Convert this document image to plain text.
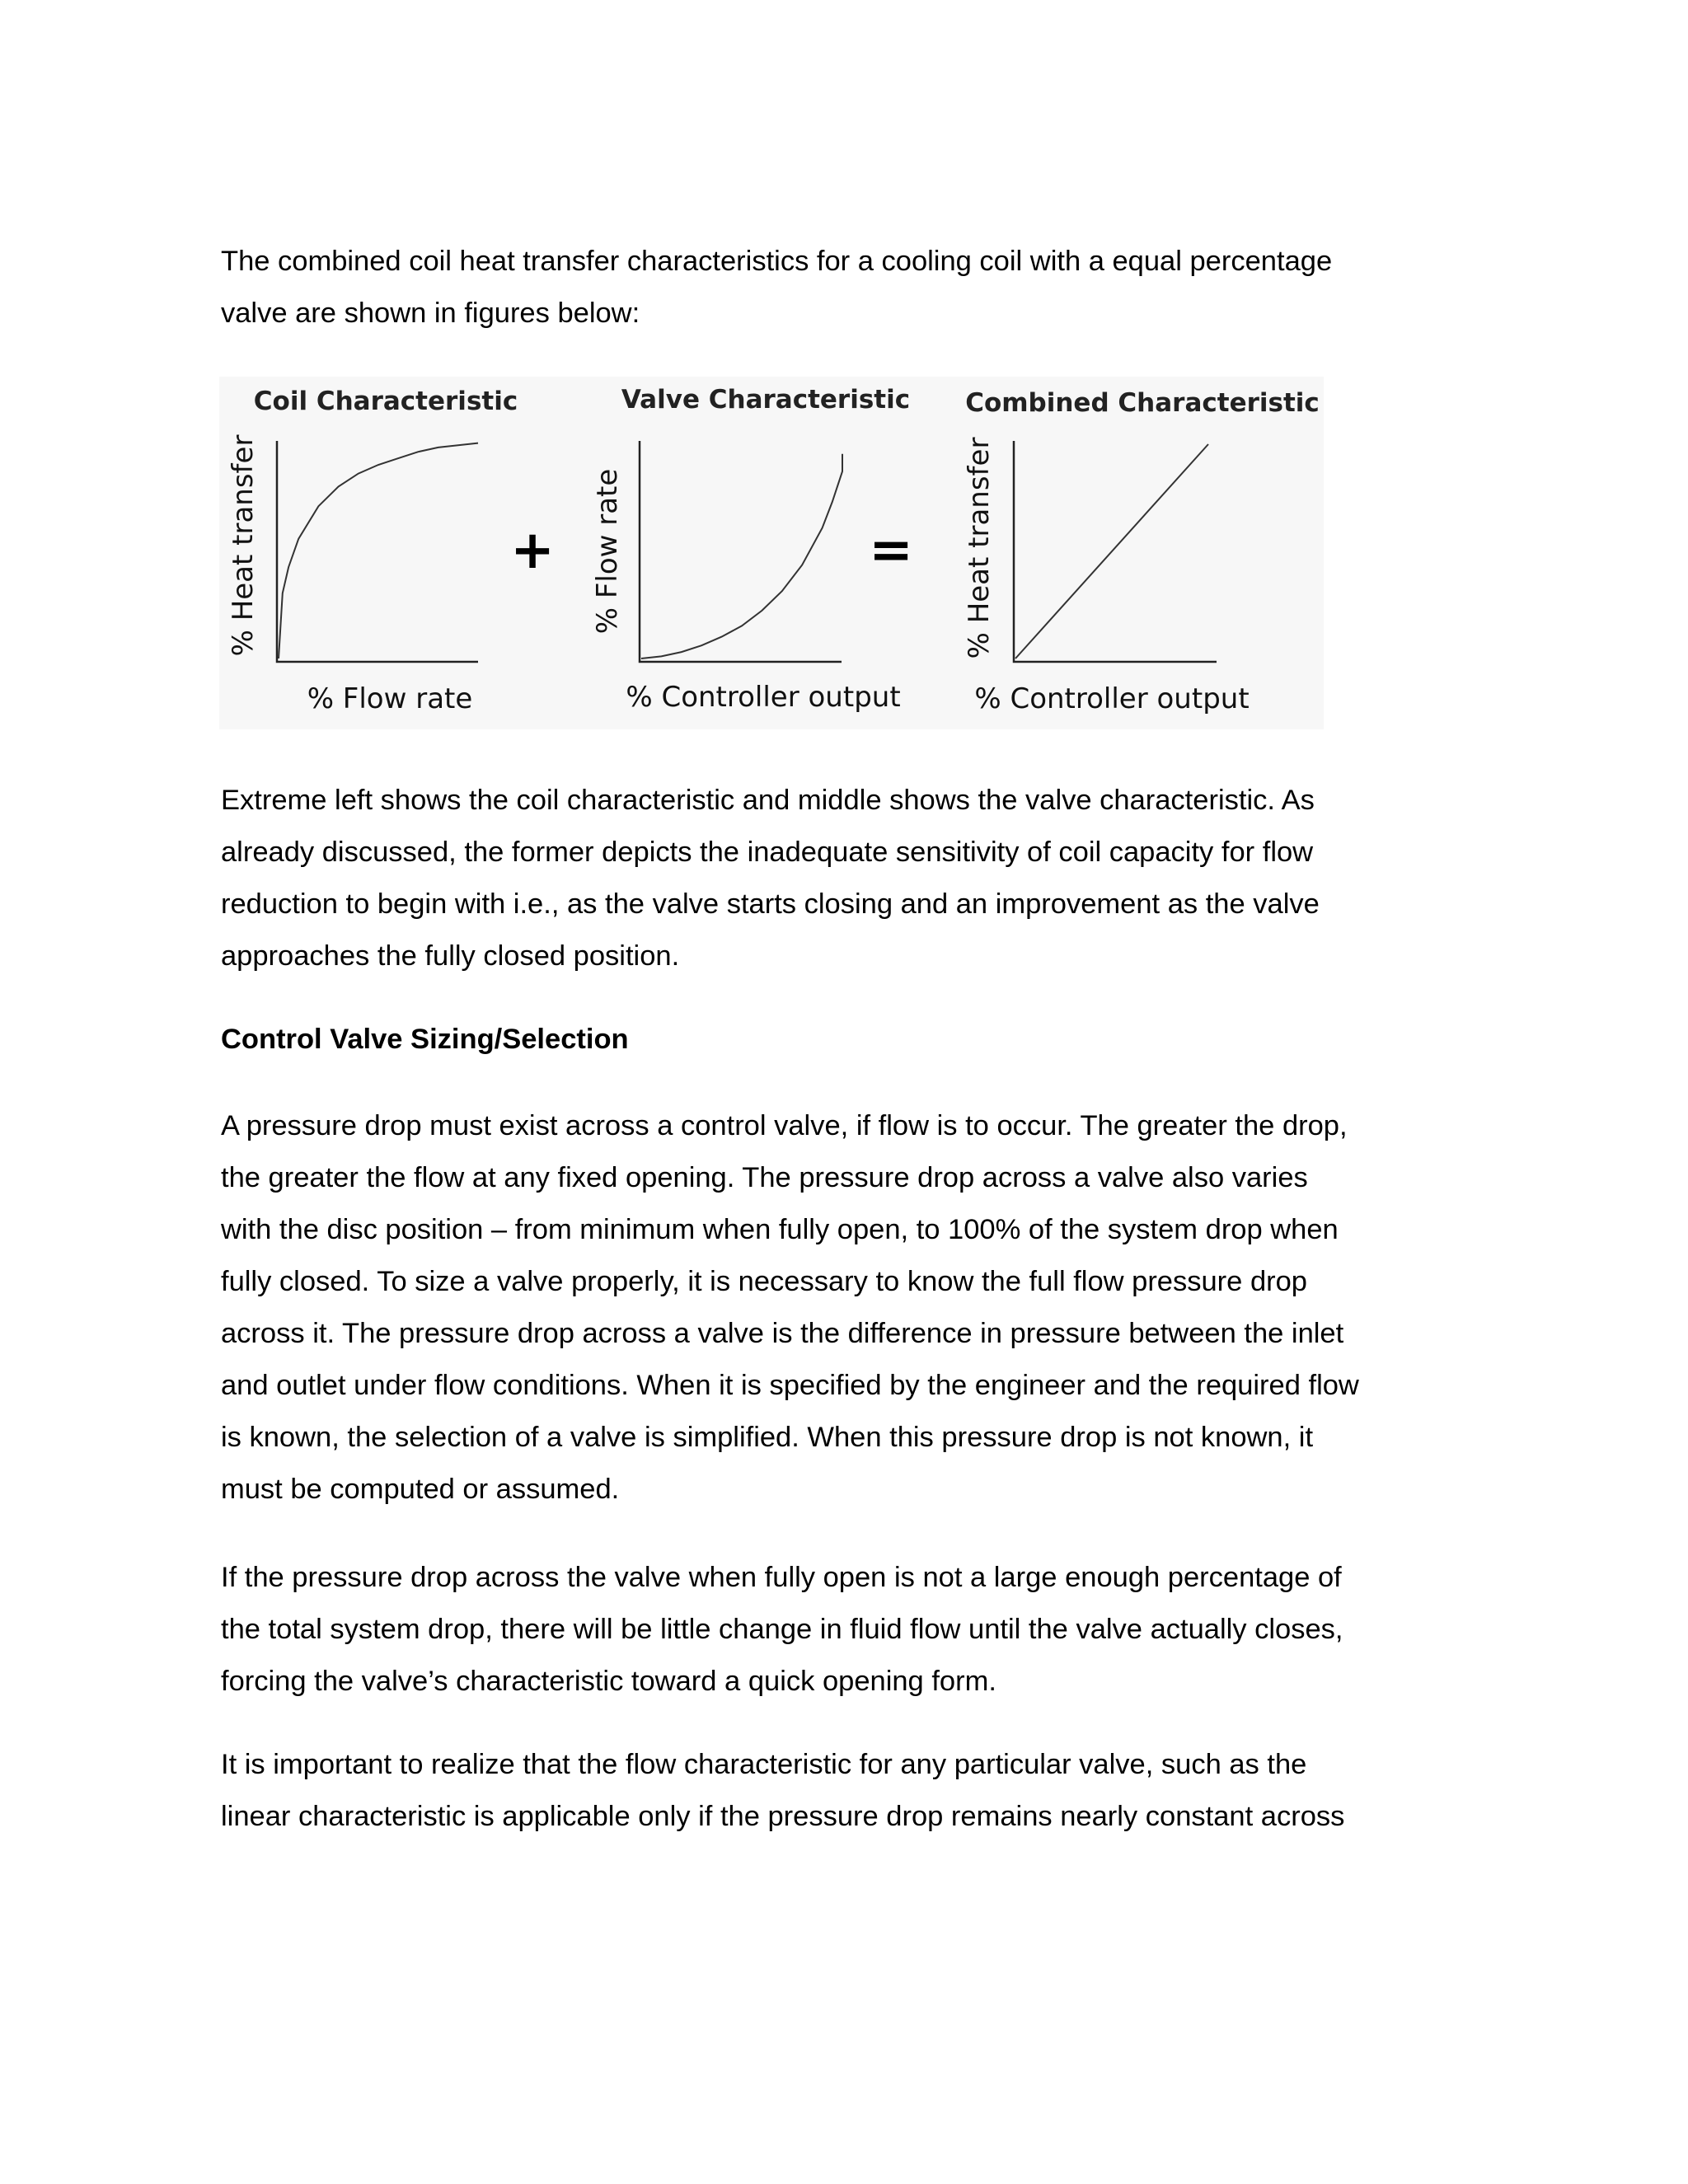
The combined coil heat transfer characteristics for a cooling coil with a equal percentage
valve are shown in figures below:

Coil Characteristic
% Heat transfer
% Flow rate
+
Valve Characteristic
% Flow rate
% Controller output
=
Combined Characteristic
% Heat transfer
% Controller output

Extreme left shows the coil characteristic and middle shows the valve characteristic. As
already discussed, the former depicts the inadequate sensitivity of coil capacity for flow
reduction to begin with i.e., as the valve starts closing and an improvement as the valve
approaches the fully closed position.

Control Valve Sizing/Selection

A pressure drop must exist across a control valve, if flow is to occur. The greater the drop,
the greater the flow at any fixed opening. The pressure drop across a valve also varies
with the disc position – from minimum when fully open, to 100% of the system drop when
fully closed. To size a valve properly, it is necessary to know the full flow pressure drop
across it. The pressure drop across a valve is the difference in pressure between the inlet
and outlet under flow conditions. When it is specified by the engineer and the required flow
is known, the selection of a valve is simplified. When this pressure drop is not known, it
must be computed or assumed.

If the pressure drop across the valve when fully open is not a large enough percentage of
the total system drop, there will be little change in fluid flow until the valve actually closes,
forcing the valve’s characteristic toward a quick opening form.

It is important to realize that the flow characteristic for any particular valve, such as the
linear characteristic is applicable only if the pressure drop remains nearly constant across
